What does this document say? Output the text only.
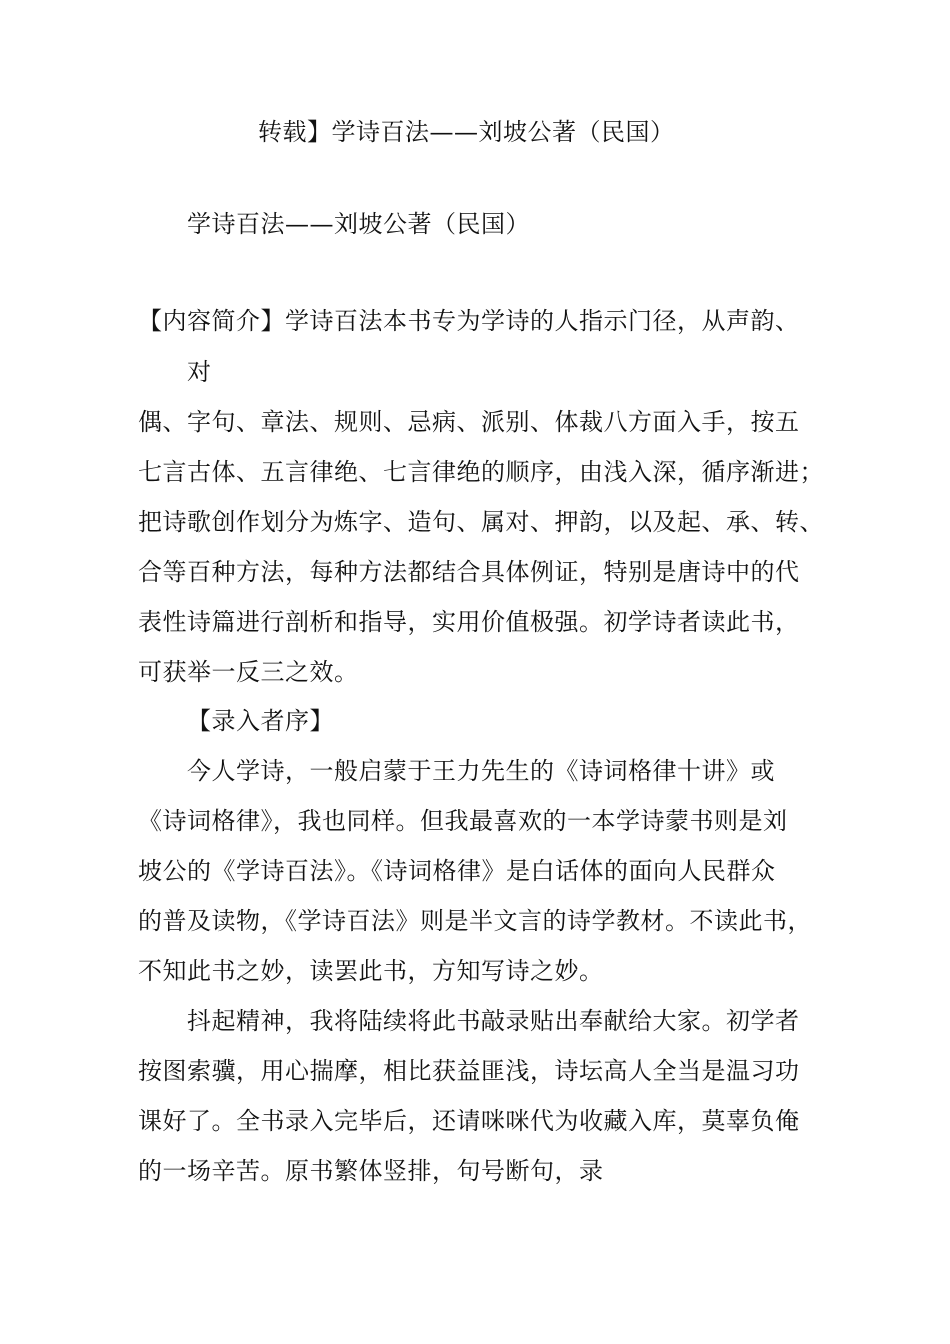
转载】学诗百法——刘坡公著（民国）
学诗百法——刘坡公著（民国）
【内容简介】学诗百法本书专为学诗的人指示门径，从声韵、
对
偶、字句、章法、规则、忌病、派别、体裁八方面入手，按五
七言古体、五言律绝、七言律绝的顺序，由浅入深，循序渐进；
把诗歌创作划分为炼字、造句、属对、押韵，以及起、承、转、
合等百种方法，每种方法都结合具体例证，特别是唐诗中的代
表性诗篇进行剖析和指导，实用价值极强。初学诗者读此书，
可获举一反三之效。
【录入者序】
今人学诗，一般启蒙于王力先生的《诗词格律十讲》或
《诗词格律》，我也同样。但我最喜欢的一本学诗蒙书则是刘
坡公的《学诗百法》。《诗词格律》是白话体的面向人民群众
的普及读物，《学诗百法》则是半文言的诗学教材。不读此书，
不知此书之妙，读罢此书，方知写诗之妙。
抖起精神，我将陆续将此书敲录贴出奉献给大家。初学者
按图索骥，用心揣摩，相比获益匪浅，诗坛高人全当是温习功
课好了。全书录入完毕后，还请咪咪代为收藏入库，莫辜负俺
的一场辛苦。原书繁体竖排，句号断句，录
